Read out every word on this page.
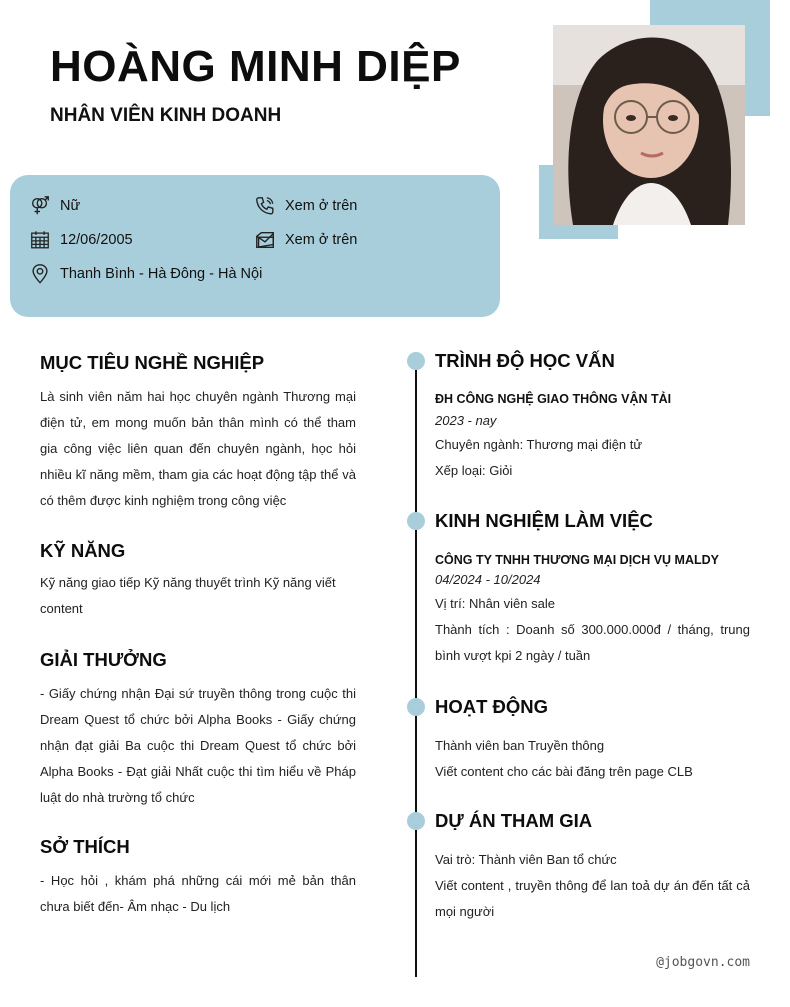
HOÀNG MINH DIỆP
NHÂN VIÊN KINH DOANH
Nữ	Xem ở trên
12/06/2005	Xem ở trên
Thanh Bình - Hà Đông - Hà Nội
MỤC TIÊU NGHỀ NGHIỆP
Là sinh viên năm hai học chuyên ngành Thương mại điện tử, em mong muốn bản thân mình có thể tham gia công việc liên quan đến chuyên ngành, học hỏi nhiều kĩ năng mềm, tham gia các hoạt động tập thể và có thêm được kinh nghiệm trong công việc
KỸ NĂNG
Kỹ năng giao tiếp Kỹ năng thuyết trình Kỹ năng viết content
GIẢI THƯỞNG
- Giấy chứng nhận Đại sứ truyền thông trong cuộc thi Dream Quest tổ chức bởi Alpha Books - Giấy chứng nhận đạt giải Ba cuộc thi Dream Quest tổ chức bởi Alpha Books - Đạt giải Nhất cuộc thi tìm hiểu về Pháp luật do nhà trường tổ chức
SỞ THÍCH
- Học hỏi , khám phá những cái mới mẻ bản thân chưa biết đến- Âm nhạc - Du lịch
TRÌNH ĐỘ HỌC VẤN
ĐH CÔNG NGHỆ GIAO THÔNG VẬN TẢI
2023 - nay
Chuyên ngành: Thương mại điện tử
Xếp loại: Giỏi
KINH NGHIỆM LÀM VIỆC
CÔNG TY TNHH THƯƠNG MẠI DỊCH VỤ MALDY
04/2024 - 10/2024
Vị trí: Nhân viên sale
Thành tích : Doanh số 300.000.000đ / tháng, trung bình vượt kpi 2 ngày / tuần
HOẠT ĐỘNG
Thành viên ban Truyền thông
Viết content cho các bài đăng trên page CLB
DỰ ÁN THAM GIA
Vai trò: Thành viên Ban tổ chức
Viết content , truyền thông để lan toả dự án đến tất cả mọi người
@jobgovn.com
